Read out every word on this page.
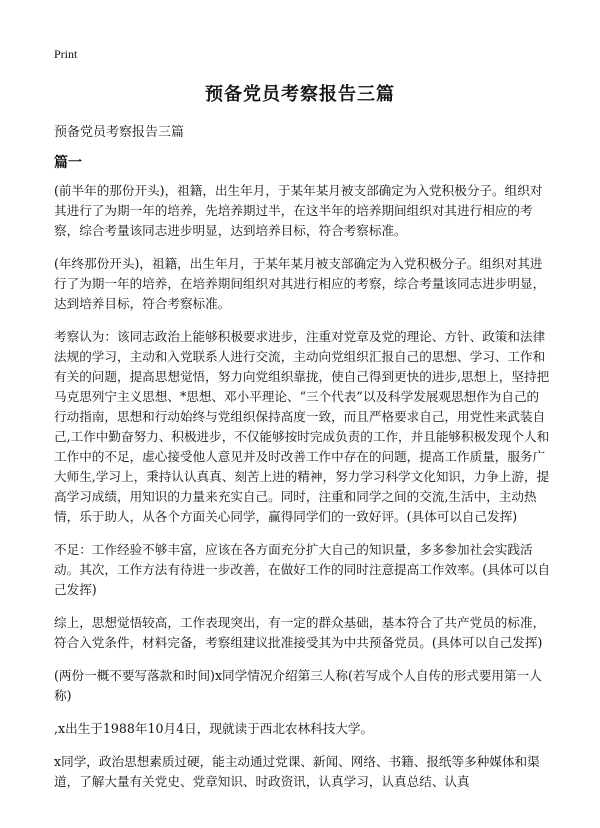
Print
预备党员考察报告三篇
预备党员考察报告三篇
篇一

(前半年的那份开头)，祖籍，出生年月，于某年某月被支部确定为入党积极分子。组织对其进行了为期一年的培养，先培养期过半，在这半年的培养期间组织对其进行相应的考察，综合考量该同志进步明显，达到培养目标，符合考察标准。

(年终那份开头)，祖籍，出生年月，于某年某月被支部确定为入党积极分子。组织对其进行了为期一年的培养，在培养期间组织对其进行相应的考察，综合考量该同志进步明显，达到培养目标，符合考察标准。

考察认为：该同志政治上能够积极要求进步，注重对党章及党的理论、方针、政策和法律法规的学习，主动和入党联系人进行交流，主动向党组织汇报自己的思想、学习、工作和有关的问题，提高思想觉悟，努力向党组织靠拢，使自己得到更快的进步,思想上，坚持把马克思列宁主义思想、*思想、邓小平理论、“三个代表”以及科学发展观思想作为自己的行动指南，思想和行动始终与党组织保持高度一致，而且严格要求自己，用党性来武装自己,工作中勤奋努力、积极进步，不仅能够按时完成负责的工作，并且能够积极发现个人和工作中的不足，虚心接受他人意见并及时改善工作中存在的问题，提高工作质量，服务广大师生,学习上，秉持认认真真、刻苦上进的精神，努力学习科学文化知识，力争上游，提高学习成绩，用知识的力量来充实自己。同时，注重和同学之间的交流,生活中，主动热情，乐于助人，从各个方面关心同学，赢得同学们的一致好评。(具体可以自己发挥)

不足：工作经验不够丰富，应该在各方面充分扩大自己的知识量，多多参加社会实践活动。其次，工作方法有待进一步改善，在做好工作的同时注意提高工作效率。(具体可以自己发挥)

综上，思想觉悟较高，工作表现突出，有一定的群众基础，基本符合了共产党员的标准，符合入党条件，材料完备，考察组建议批准接受其为中共预备党员。(具体可以自己发挥)

(两份一概不要写落款和时间)x同学情况介绍第三人称(若写成个人自传的形式要用第一人称)

,x出生于1988年10月4日，现就读于西北农林科技大学。

x同学，政治思想素质过硬，能主动通过党课、新闻、网络、书籍、报纸等多种媒体和渠道，了解大量有关党史、党章知识、时政资讯，认真学习，认真总结、认真
